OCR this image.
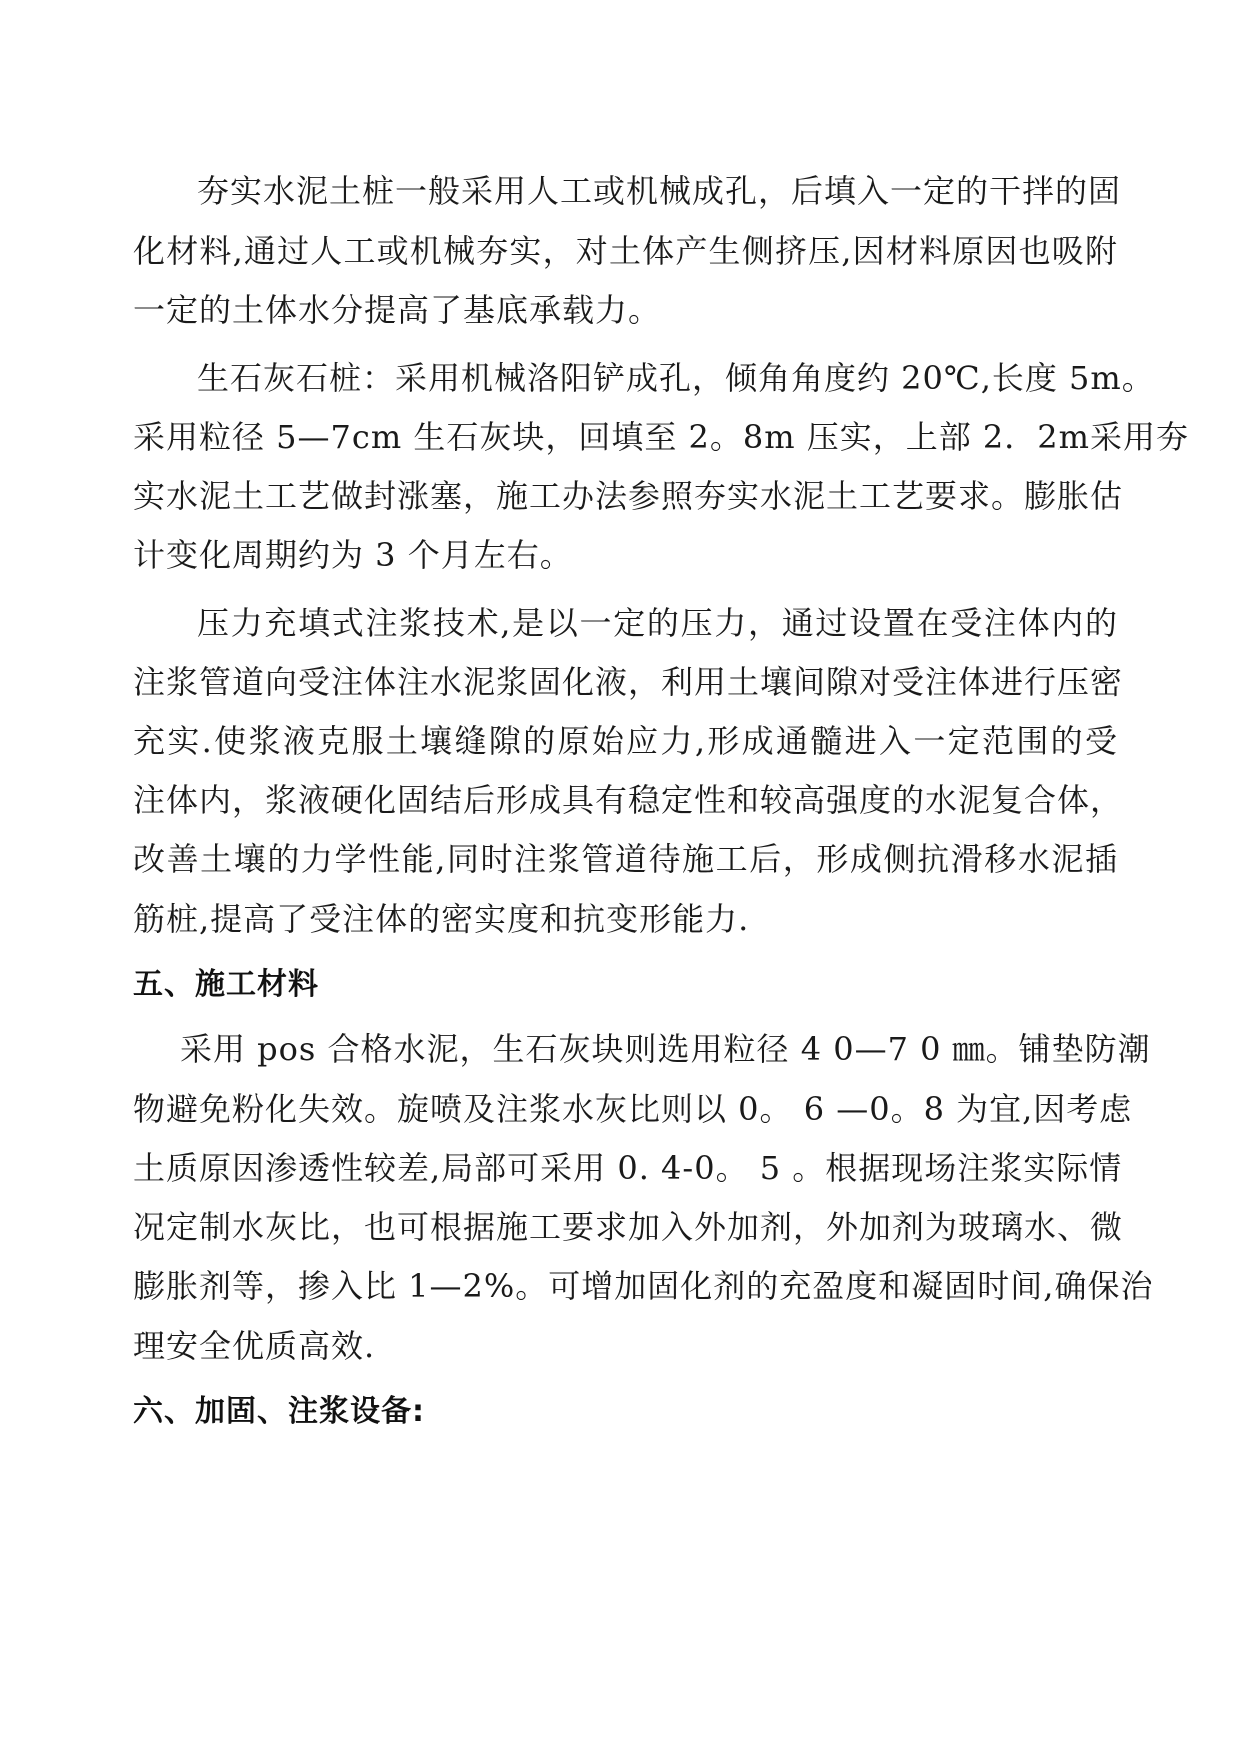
夯实水泥土桩一般采用人工或机械成孔，后填入一定的干拌的固

化材料,通过人工或机械夯实，对土体产生侧挤压,因材料原因也吸附

一定的土体水分提高了基底承载力。

生石灰石桩：采用机械洛阳铲成孔，倾角角度约 20℃,长度 5m。

采用粒径 5—7cm 生石灰块，回填至 2。8m 压实，上部 2．2m采用夯

实水泥土工艺做封涨塞，施工办法参照夯实水泥土工艺要求。膨胀估

计变化周期约为 3 个月左右。

压力充填式注浆技术,是以一定的压力，通过设置在受注体内的

注浆管道向受注体注水泥浆固化液，利用土壤间隙对受注体进行压密

充实.使浆液克服土壤缝隙的原始应力,形成通髓进入一定范围的受

注体内，浆液硬化固结后形成具有稳定性和较高强度的水泥复合体，

改善土壤的力学性能,同时注浆管道待施工后，形成侧抗滑移水泥插

筋桩,提高了受注体的密实度和抗变形能力.

五、施工材料

采用 pos 合格水泥，生石灰块则选用粒径 4 0—7 0 ㎜。铺垫防潮

物避免粉化失效。旋喷及注浆水灰比则以 0。 6 —0。8 为宜,因考虑

土质原因渗透性较差,局部可采用 0. 4-0。 5 。根据现场注浆实际情

况定制水灰比，也可根据施工要求加入外加剂，外加剂为玻璃水、微

膨胀剂等，掺入比 1—2%。可增加固化剂的充盈度和凝固时间,确保治

理安全优质高效.

六、加固、注浆设备:
